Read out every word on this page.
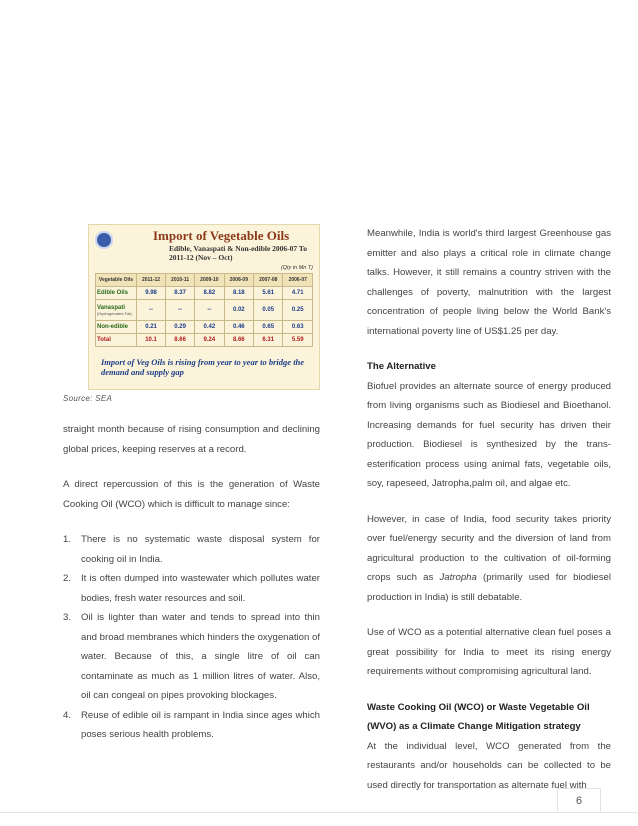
Import of Vegetable Oils
Edible, Vanaspati & Non-edible 2006-07 To 2011-12 (Nov – Oct)
(Qty in Mn T)
Vegetable Oils	2011-12	2010-11	2009-10	2008-09	2007-08	2006-07
Edible Oils	9.98	8.37	8.82	8.18	5.61	4.71
Vanaspati
(Hydrogenated Fat)	--	--	--	0.02	0.05	0.25
Non-edible	0.21	0.29	0.42	0.46	0.65	0.63
Total	10.1	8.66	9.24	8.66	6.31	5.59
Import of Veg Oils is rising from year to year to bridge the demand and supply gap
Source: SEA

straight month because of rising consumption and declining global prices, keeping reserves at a record.

A direct repercussion of this is the generation of Waste Cooking Oil (WCO) which is difficult to manage since:

1. There is no systematic waste disposal system for cooking oil in India.
2. It is often dumped into wastewater which pollutes water bodies, fresh water resources and soil.
3. Oil is lighter than water and tends to spread into thin and broad membranes which hinders the oxygenation of water. Because of this, a single litre of oil can contaminate as much as 1 million litres of water. Also, oil can congeal on pipes provoking blockages.
4. Reuse of edible oil is rampant in India since ages which poses serious health problems.

Meanwhile, India is world's third largest Greenhouse gas emitter and also plays a critical role in climate change talks. However, it still remains a country striven with the challenges of poverty, malnutrition with the largest concentration of people living below the World Bank's international poverty line of US$1.25 per day.

The Alternative

Biofuel provides an alternate source of energy produced from living organisms such as Biodiesel and Bioethanol. Increasing demands for fuel security has driven their production. Biodiesel is synthesized by the trans-esterification process using animal fats, vegetable oils, soy, rapeseed, Jatropha,palm oil, and algae etc.

However, in case of India, food security takes priority over fuel/energy security and the diversion of land from agricultural production to the cultivation of oil-forming crops such as Jatropha (primarily used for biodiesel production in India) is still debatable.

Use of WCO as a potential alternative clean fuel poses a great possibility for India to meet its rising energy requirements without compromising agricultural land.

Waste Cooking Oil (WCO) or Waste Vegetable Oil (WVO) as a Climate Change Mitigation strategy

At the individual level, WCO generated from the restaurants and/or households can be collected to be used directly for transportation as alternate fuel with

6
